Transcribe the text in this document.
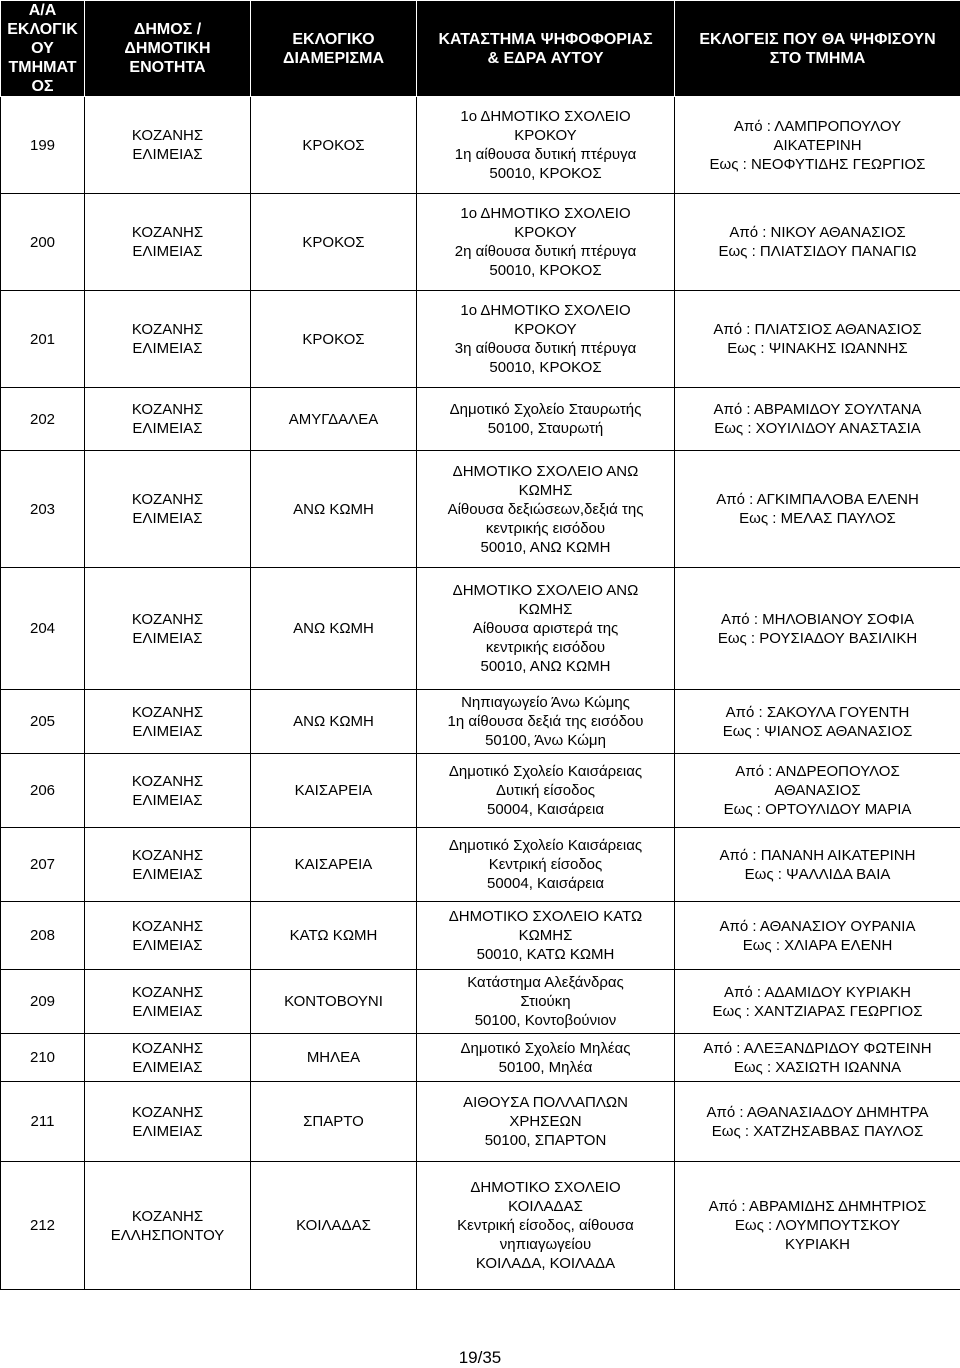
Α/Α
ΕΚΛΟΓΙΚ
ΟΥ
ΤΜΗΜΑΤ
ΟΣ	ΔΗΜΟΣ /
ΔΗΜΟΤΙΚΗ
ΕΝΟΤΗΤΑ	ΕΚΛΟΓΙΚΟ
ΔΙΑΜΕΡΙΣΜΑ	ΚΑΤΑΣΤΗΜΑ ΨΗΦΟΦΟΡΙΑΣ
& ΕΔΡΑ ΑΥΤΟΥ	ΕΚΛΟΓΕΙΣ ΠΟΥ ΘΑ ΨΗΦΙΣΟΥΝ
ΣΤΟ ΤΜΗΜΑ
199	ΚΟΖΑΝΗΣ
ΕΛΙΜΕΙΑΣ	ΚΡΟΚΟΣ	1ο ΔΗΜΟΤΙΚΟ ΣΧΟΛΕΙΟ
ΚΡΟΚΟΥ
1η αίθουσα δυτική πτέρυγα
50010, ΚΡΟΚΟΣ	Από : ΛΑΜΠΡΟΠΟΥΛΟΥ
ΑΙΚΑΤΕΡΙΝΗ
Εως : ΝΕΟΦΥΤΙΔΗΣ ΓΕΩΡΓΙΟΣ
200	ΚΟΖΑΝΗΣ
ΕΛΙΜΕΙΑΣ	ΚΡΟΚΟΣ	1ο ΔΗΜΟΤΙΚΟ ΣΧΟΛΕΙΟ
ΚΡΟΚΟΥ
2η αίθουσα δυτική πτέρυγα
50010, ΚΡΟΚΟΣ	Από : ΝΙΚΟΥ ΑΘΑΝΑΣΙΟΣ
Εως : ΠΛΙΑΤΣΙΔΟΥ ΠΑΝΑΓΙΩ
201	ΚΟΖΑΝΗΣ
ΕΛΙΜΕΙΑΣ	ΚΡΟΚΟΣ	1ο ΔΗΜΟΤΙΚΟ ΣΧΟΛΕΙΟ
ΚΡΟΚΟΥ
3η αίθουσα δυτική πτέρυγα
50010, ΚΡΟΚΟΣ	Από : ΠΛΙΑΤΣΙΟΣ ΑΘΑΝΑΣΙΟΣ
Εως : ΨΙΝΑΚΗΣ ΙΩΑΝΝΗΣ
202	ΚΟΖΑΝΗΣ
ΕΛΙΜΕΙΑΣ	ΑΜΥΓΔΑΛΕΑ	Δημοτικό Σχολείο Σταυρωτής
50100, Σταυρωτή	Από : ΑΒΡΑΜΙΔΟΥ ΣΟΥΛΤΑΝΑ
Εως : ΧΟΥΙΛΙΔΟΥ ΑΝΑΣΤΑΣΙΑ
203	ΚΟΖΑΝΗΣ
ΕΛΙΜΕΙΑΣ	ΑΝΩ ΚΩΜΗ	ΔΗΜΟΤΙΚΟ ΣΧΟΛΕΙΟ ΑΝΩ
ΚΩΜΗΣ
Αίθουσα δεξιώσεων,δεξιά της
κεντρικής εισόδου
50010, ΑΝΩ ΚΩΜΗ	Από : ΑΓΚΙΜΠΑΛΟΒΑ ΕΛΕΝΗ
Εως : ΜΕΛΑΣ ΠΑΥΛΟΣ
204	ΚΟΖΑΝΗΣ
ΕΛΙΜΕΙΑΣ	ΑΝΩ ΚΩΜΗ	ΔΗΜΟΤΙΚΟ ΣΧΟΛΕΙΟ ΑΝΩ
ΚΩΜΗΣ
Αίθουσα αριστερά της
κεντρικής εισόδου
50010, ΑΝΩ ΚΩΜΗ	Από : ΜΗΛΟΒΙΑΝΟΥ ΣΟΦΙΑ
Εως : ΡΟΥΣΙΑΔΟΥ ΒΑΣΙΛΙΚΗ
205	ΚΟΖΑΝΗΣ
ΕΛΙΜΕΙΑΣ	ΑΝΩ ΚΩΜΗ	Νηπιαγωγείο Άνω Κώμης
1η αίθουσα δεξιά της εισόδου
50100, Άνω Κώμη	Από : ΣΑΚΟΥΛΑ ΓΟΥΕΝΤΗ
Εως : ΨΙΑΝΟΣ ΑΘΑΝΑΣΙΟΣ
206	ΚΟΖΑΝΗΣ
ΕΛΙΜΕΙΑΣ	ΚΑΙΣΑΡΕΙΑ	Δημοτικό Σχολείο Καισάρειας
Δυτική είσοδος
50004, Καισάρεια	Από : ΑΝΔΡΕΟΠΟΥΛΟΣ
ΑΘΑΝΑΣΙΟΣ
Εως : ΟΡΤΟΥΛΙΔΟΥ ΜΑΡΙΑ
207	ΚΟΖΑΝΗΣ
ΕΛΙΜΕΙΑΣ	ΚΑΙΣΑΡΕΙΑ	Δημοτικό Σχολείο Καισάρειας
Κεντρική είσοδος
50004, Καισάρεια	Από : ΠΑΝΑΝΗ ΑΙΚΑΤΕΡΙΝΗ
Εως : ΨΑΛΛΙΔΑ ΒΑΙΑ
208	ΚΟΖΑΝΗΣ
ΕΛΙΜΕΙΑΣ	ΚΑΤΩ ΚΩΜΗ	ΔΗΜΟΤΙΚΟ ΣΧΟΛΕΙΟ ΚΑΤΩ
ΚΩΜΗΣ
50010, ΚΑΤΩ ΚΩΜΗ	Από : ΑΘΑΝΑΣΙΟΥ ΟΥΡΑΝΙΑ
Εως : ΧΛΙΑΡΑ ΕΛΕΝΗ
209	ΚΟΖΑΝΗΣ
ΕΛΙΜΕΙΑΣ	ΚΟΝΤΟΒΟΥΝΙ	Κατάστημα Αλεξάνδρας
Στιούκη
50100, Κοντοβούνιον	Από : ΑΔΑΜΙΔΟΥ ΚΥΡΙΑΚΗ
Εως : ΧΑΝΤΖΙΑΡΑΣ ΓΕΩΡΓΙΟΣ
210	ΚΟΖΑΝΗΣ
ΕΛΙΜΕΙΑΣ	ΜΗΛΕΑ	Δημοτικό Σχολείο Μηλέας
50100, Μηλέα	Από : ΑΛΕΞΑΝΔΡΙΔΟΥ ΦΩΤΕΙΝΗ
Εως : ΧΑΣΙΩΤΗ ΙΩΑΝΝΑ
211	ΚΟΖΑΝΗΣ
ΕΛΙΜΕΙΑΣ	ΣΠΑΡΤΟ	ΑΙΘΟΥΣΑ ΠΟΛΛΑΠΛΩΝ
ΧΡΗΣΕΩΝ
50100, ΣΠΑΡΤΟΝ	Από : ΑΘΑΝΑΣΙΑΔΟΥ ΔΗΜΗΤΡΑ
Εως : ΧΑΤΖΗΣΑΒΒΑΣ ΠΑΥΛΟΣ
212	ΚΟΖΑΝΗΣ
ΕΛΛΗΣΠΟΝΤΟΥ	ΚΟΙΛΑΔΑΣ	ΔΗΜΟΤΙΚΟ ΣΧΟΛΕΙΟ
ΚΟΙΛΑΔΑΣ
Κεντρική είσοδος, αίθουσα
νηπιαγωγείου
ΚΟΙΛΑΔΑ, ΚΟΙΛΑΔΑ	Από : ΑΒΡΑΜΙΔΗΣ ΔΗΜΗΤΡΙΟΣ
Εως : ΛΟΥΜΠΟΥΤΣΚΟΥ
ΚΥΡΙΑΚΗ
19/35
